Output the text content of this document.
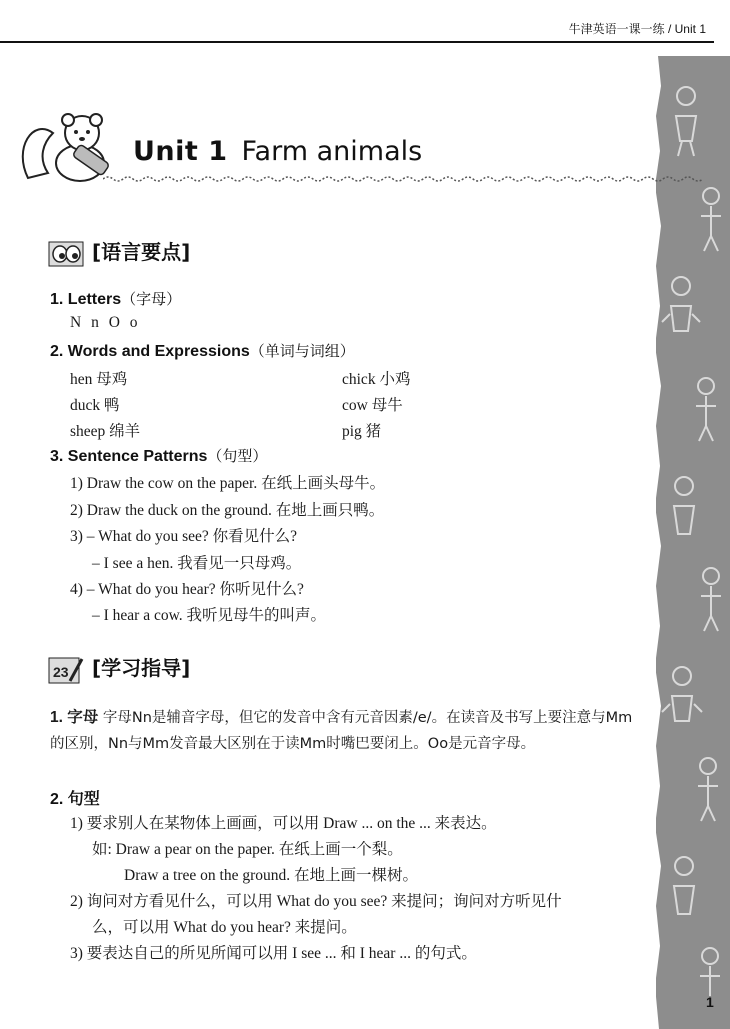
牛津英语一课一练 / Unit 1
Unit 1 Farm animals
[语言要点]
1. Letters（字母）
N n O o
2. Words and Expressions（单词与词组）
hen 母鸡	chick 小鸡
duck 鸭	cow 母牛
sheep 绵羊	pig 猪
3. Sentence Patterns（句型）
1) Draw the cow on the paper. 在纸上画头母牛。
2) Draw the duck on the ground. 在地上画只鸭。
3) – What do you see? 你看见什么?
– I see a hen. 我看见一只母鸡。
4) – What do you hear? 你听见什么?
– I hear a cow. 我听见母牛的叫声。
23 [学习指导]
1. 字母 字母Nn是辅音字母，但它的发音中含有元音因素/e/。在读音及书写上要注意与Mm的区别，Nn与Mm发音最大区别在于读Mm时嘴巴要闭上。Oo是元音字母。
2. 句型
1) 要求别人在某物体上画画，可以用 Draw ... on the ... 来表达。
如: Draw a pear on the paper. 在纸上画一个梨。
Draw a tree on the ground. 在地上画一棵树。
2) 询问对方看见什么，可以用 What do you see? 来提问；询问对方听见什
么，可以用 What do you hear? 来提问。
3) 要表达自己的所见所闻可以用 I see ... 和 I hear ... 的句式。
1
